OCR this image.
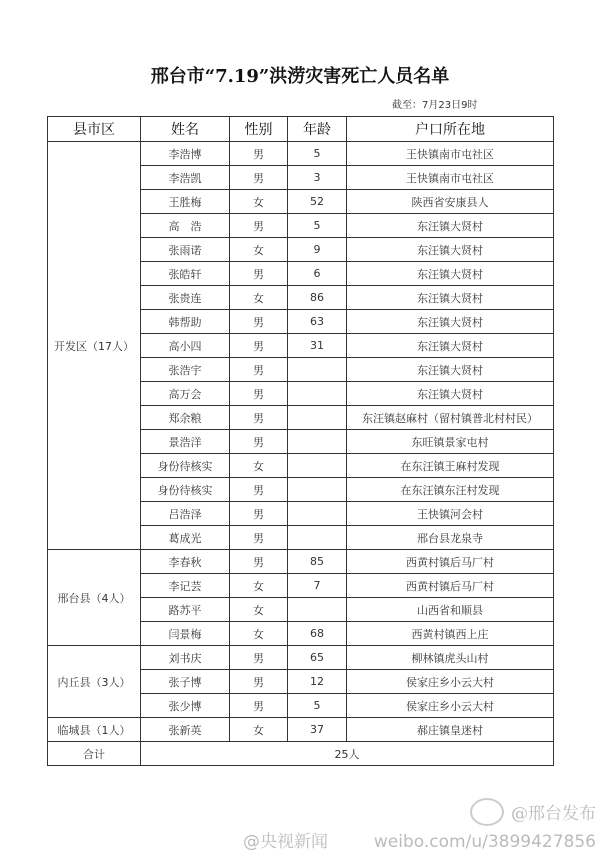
邢台市“7.19”洪涝灾害死亡人员名单
截至：7月23日9时
县市区	姓名	性别	年龄	户口所在地
开发区（17人）	李浩博	男	5	王快镇南市屯社区
	李浩凯	男	3	王快镇南市屯社区
	王胜梅	女	52	陕西省安康县人
	高　浩	男	5	东汪镇大贤村
	张雨诺	女	9	东汪镇大贤村
	张皓轩	男	6	东汪镇大贤村
	张贵连	女	86	东汪镇大贤村
	韩帮助	男	63	东汪镇大贤村
	高小四	男	31	东汪镇大贤村
	张浩宇	男		东汪镇大贤村
	高万会	男		东汪镇大贤村
	郑余粮	男		东汪镇赵麻村（留村镇普北村村民）
	景浩洋	男		东旺镇景家屯村
	身份待核实	女		在东汪镇王麻村发现
	身份待核实	男		在东汪镇东汪村发现
	吕浩泽	男		王快镇河会村
	葛成光	男		邢台县龙泉寺
邢台县（4人）	李春秋	男	85	西黄村镇后马厂村
	李记芸	女	7	西黄村镇后马厂村
	路苏平	女		山西省和顺县
	闫景梅	女	68	西黄村镇西上庄
内丘县（3人）	刘书庆	男	65	柳林镇虎头山村
	张子博	男	12	侯家庄乡小云大村
	张少博	男	5	侯家庄乡小云大村
临城县（1人）	张新英	女	37	郝庄镇皇迷村
合计	25人			
@央视新闻
@邢台发布
weibo.com/u/3899427856
